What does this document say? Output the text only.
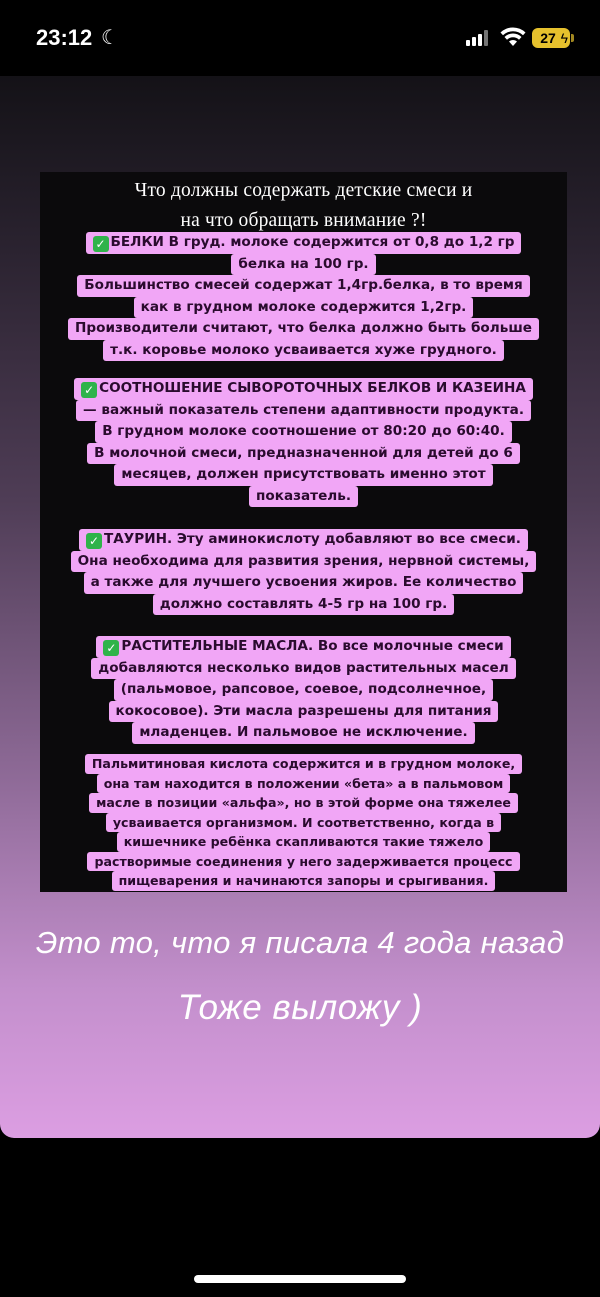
23:12 ☾	27 ϟ
Что должны содержать детские смеси и
на что обращать внимание ?!
✓ БЕЛКИ В груд. молоке содержится от 0,8 до 1,2 гр
белка на 100 гр.
Большинство смесей содержат 1,4гр.белка, в то время
как в грудном молоке содержится 1,2гр.
Производители считают, что белка должно быть больше
т.к. коровье молоко усваивается хуже грудного.
✓ СООТНОШЕНИЕ СЫВОРОТОЧНЫХ БЕЛКОВ И КАЗЕИНА
— важный показатель степени адаптивности продукта.
В грудном молоке соотношение от 80:20 до 60:40.
В молочной смеси, предназначенной для детей до 6
месяцев, должен присутствовать именно этот
показатель.
✓ ТАУРИН. Эту аминокислоту добавляют во все смеси.
Она необходима для развития зрения, нервной системы,
а также для лучшего усвоения жиров. Ее количество
должно составлять 4-5 гр на 100 гр.
✓ РАСТИТЕЛЬНЫЕ МАСЛА. Во все молочные смеси
добавляются несколько видов растительных масел
(пальмовое, рапсовое, соевое, подсолнечное,
кокосовое). Эти масла разрешены для питания
младенцев. И пальмовое не исключение.
Пальмитиновая кислота содержится и в грудном молоке,
она там находится в положении «бета» а в пальмовом
масле в позиции «альфа», но в этой форме она тяжелее
усваивается организмом. И соответственно, когда в
кишечнике ребёнка скапливаются такие тяжело
растворимые соединения у него задерживается процесс
пищеварения и начинаются запоры и срыгивания.
Это то, что я писала 4 года назад
Тоже выложу )
